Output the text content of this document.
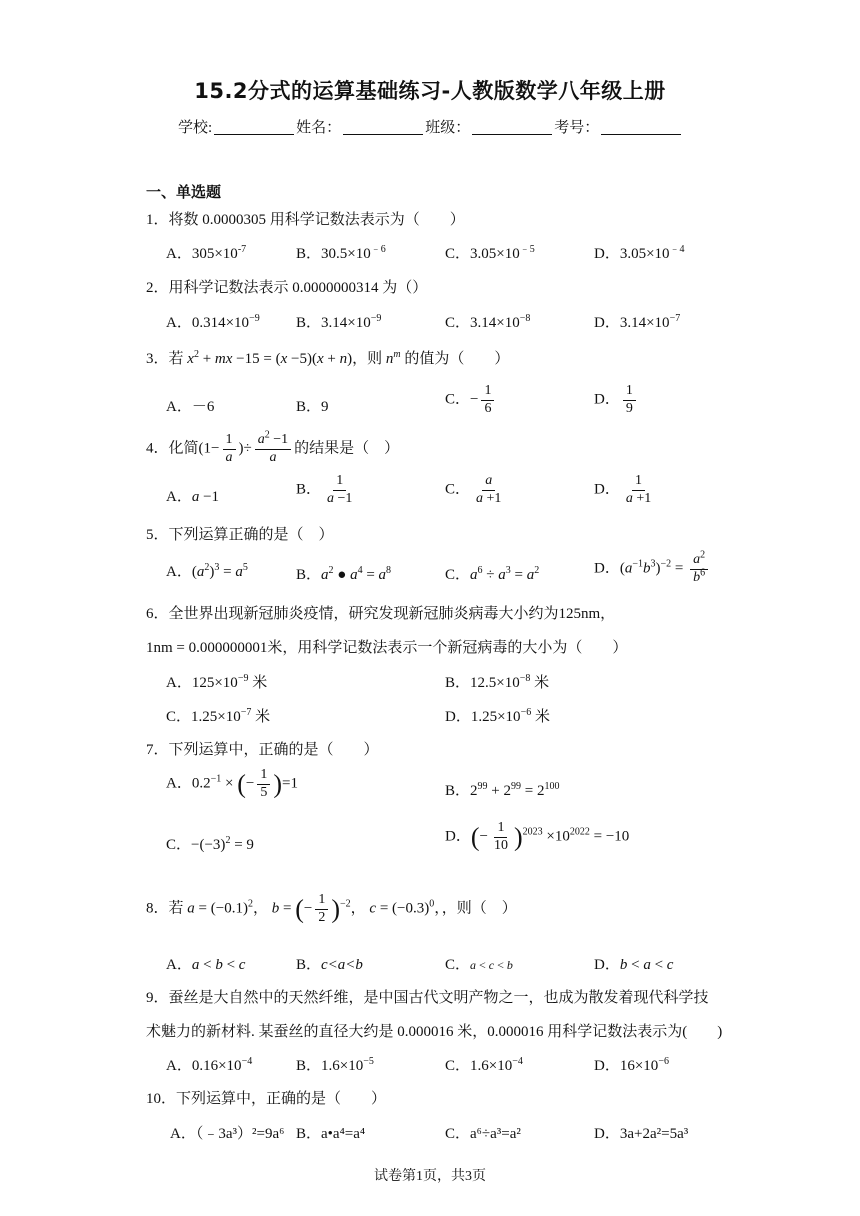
15.2分式的运算基础练习-人教版数学八年级上册
学校:	姓名：	班级：	考号：
一、单选题
1．将数 0.0000305 用科学记数法表示为（　　）
A．$305\times 10^{-7}$	B．$30.5\times 10^{﹣6}$	C．$3.05\times 10^{﹣5}$	D．$3.05\times 10^{﹣4}$
2．用科学记数法表示 0.0000000314 为（）
A．$0.314\times 10^{-9}$ B．$3.14\times 10^{-9}$	C．$3.14\times 10^{-8}$	D．$3.14\times 10^{-7}$
3．若 $x^2$ + mx −15 = (x −5)(x + n)，则 $n^m$ 的值为（　　）
A．－6	B．9	C．− $\frac{1}{6}$	D． $\frac{1}{9}$
4．化简($1- \frac{1}{a}$ )÷ $\frac{a^2 -1}{a}$ 的结果是（　）
A．a −1	B． $\frac{1}{a -1}$	C． $\frac{a}{a +1}$	D． $\frac{1}{a +1}$
5．下列运算正确的是（　）
A．$(a^2)^3 = a^5$	B．$a^2$ ● $a^4 = a^8$	C．$a^6 \div a^3 = a^2$	D．$(a^{-1}b^3)^{-2} = \frac{a^2}{b^6}$
6．全世界出现新冠肺炎疫情，研究发现新冠肺炎病毒大小约为125nm，
1nm = 0.000000001米，用科学记数法表示一个新冠病毒的大小为（　　）
A．$125\times 10^{-9}$ 米	B．$12.5\times 10^{-8}$ 米
C．$1.25\times 10^{-7}$ 米	D．$1.25\times 10^{-6}$ 米
7．下列运算中，正确的是（　　）
A．$0.2^{-1}$ × (− $\frac{1}{5} )=1$	B．$2^{99} + 2^{99} = 2^{100}$
C．$-(-3)^2 = 9$
D．(− $\frac{1}{10} )^{2023} \times 10^{2022} = -10$
8．若 $a = (-0.1)^2$， b = (− $\frac{1}{2} )^{-2}$， $c = (-0.3)^0$，，则（　）
A．a < b < c	B．c<a<b	C．a < c < b	D．b < a < c
9．蚕丝是大自然中的天然纤维，是中国古代文明产物之一，也成为散发着现代科学技
术魅力的新材料. 某蚕丝的直径大约是 0.000016 米，0.000016 用科学记数法表示为(　　)
A．$0.16\times 10^{-4}$	B．$1.6\times 10^{-5}$	C．$1.6\times 10^{-4}$	D．$16\times 10^{-6}$
10．下列运算中，正确的是（　　）
A．（﹣3a³）²=9a⁶ B．a•a⁴=a⁴	C．a⁶÷a³=a²	D．3a+2a²=5a³
试卷第1页，共3页
